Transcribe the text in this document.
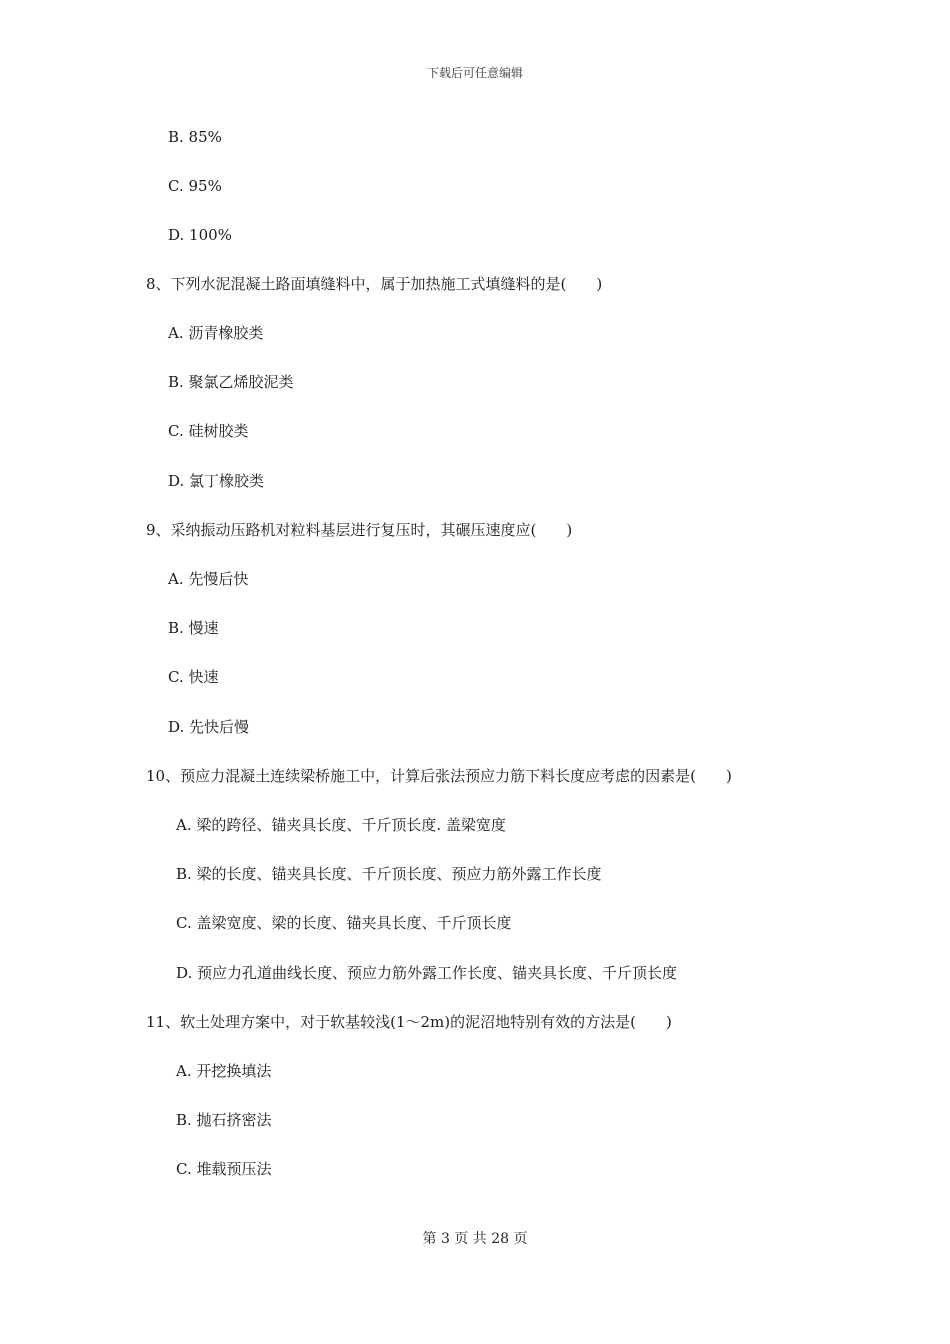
下载后可任意编辑
B. 85%
C. 95%
D. 100%
8、下列水泥混凝土路面填缝料中，属于加热施工式填缝料的是(　　)
A. 沥青橡胶类
B. 聚氯乙烯胶泥类
C. 硅树胶类
D. 氯丁橡胶类
9、采纳振动压路机对粒料基层进行复压时，其碾压速度应(　　)
A. 先慢后快
B. 慢速
C. 快速
D. 先快后慢
10、预应力混凝土连续梁桥施工中，计算后张法预应力筋下料长度应考虑的因素是(　　)
A. 梁的跨径、锚夹具长度、千斤顶长度. 盖梁宽度
B. 梁的长度、锚夹具长度、千斤顶长度、预应力筋外露工作长度
C. 盖梁宽度、梁的长度、锚夹具长度、千斤顶长度
D. 预应力孔道曲线长度、预应力筋外露工作长度、锚夹具长度、千斤顶长度
11、软土处理方案中，对于软基较浅(1～2m)的泥沼地特别有效的方法是(　　)
A. 开挖换填法
B. 抛石挤密法
C. 堆载预压法
第 3 页 共 28 页
